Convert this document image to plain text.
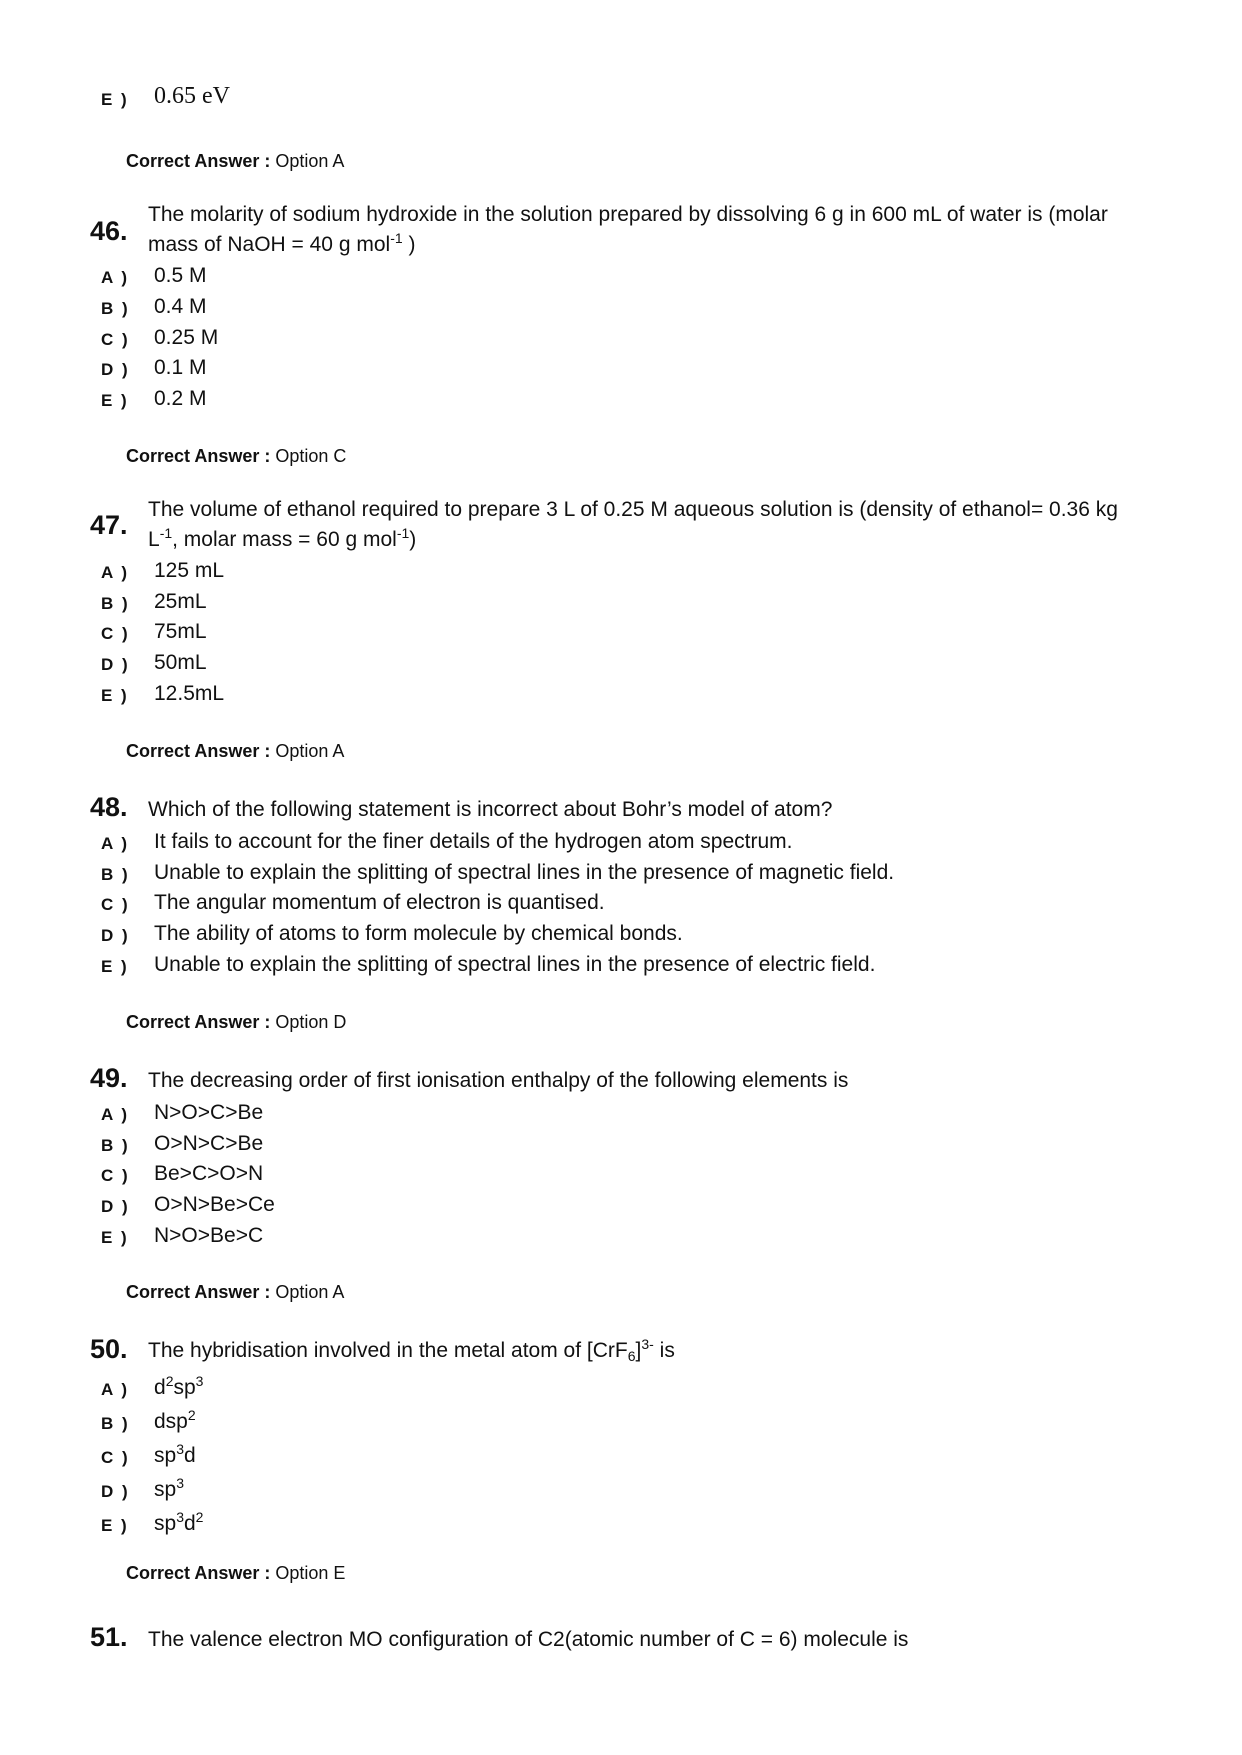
E ) 0.65 eV
Correct Answer : Option A
46.
The molarity of sodium hydroxide in the solution prepared by dissolving 6 g in 600 mL of water is (molar
mass of NaOH = 40 g mol$^{-1}$ )
A ) 0.5 M
B ) 0.4 M
C ) 0.25 M
D ) 0.1 M
E ) 0.2 M
Correct Answer : Option C
47.
The volume of ethanol required to prepare 3 L of 0.25 M aqueous solution is (density of ethanol= 0.36 kg
$L^{-1}$, molar mass = 60 g mol$^{-1}$)
A ) 125 mL
B ) 25mL
C ) 75mL
D ) 50mL
E ) 12.5mL
Correct Answer : Option A
48. Which of the following statement is incorrect about Bohr’s model of atom?
A ) It fails to account for the finer details of the hydrogen atom spectrum.
B ) Unable to explain the splitting of spectral lines in the presence of magnetic field.
C ) The angular momentum of electron is quantised.
D ) The ability of atoms to form molecule by chemical bonds.
E ) Unable to explain the splitting of spectral lines in the presence of electric field.
Correct Answer : Option D
49. The decreasing order of first ionisation enthalpy of the following elements is
A ) N>O>C>Be
B ) O>N>C>Be
C ) Be>C>O>N
D ) O>N>Be>Ce
E ) N>O>Be>C
Correct Answer : Option A
50. The hybridisation involved in the metal atom of $[CrF_6]^{3-}$ is
A ) $d^2sp^3$
B ) dsp$^2$
C ) $sp^3d$
D ) $sp^3$
E ) $sp^3d^2$
Correct Answer : Option E
51. The valence electron MO configuration of C2(atomic number of C = 6) molecule is
